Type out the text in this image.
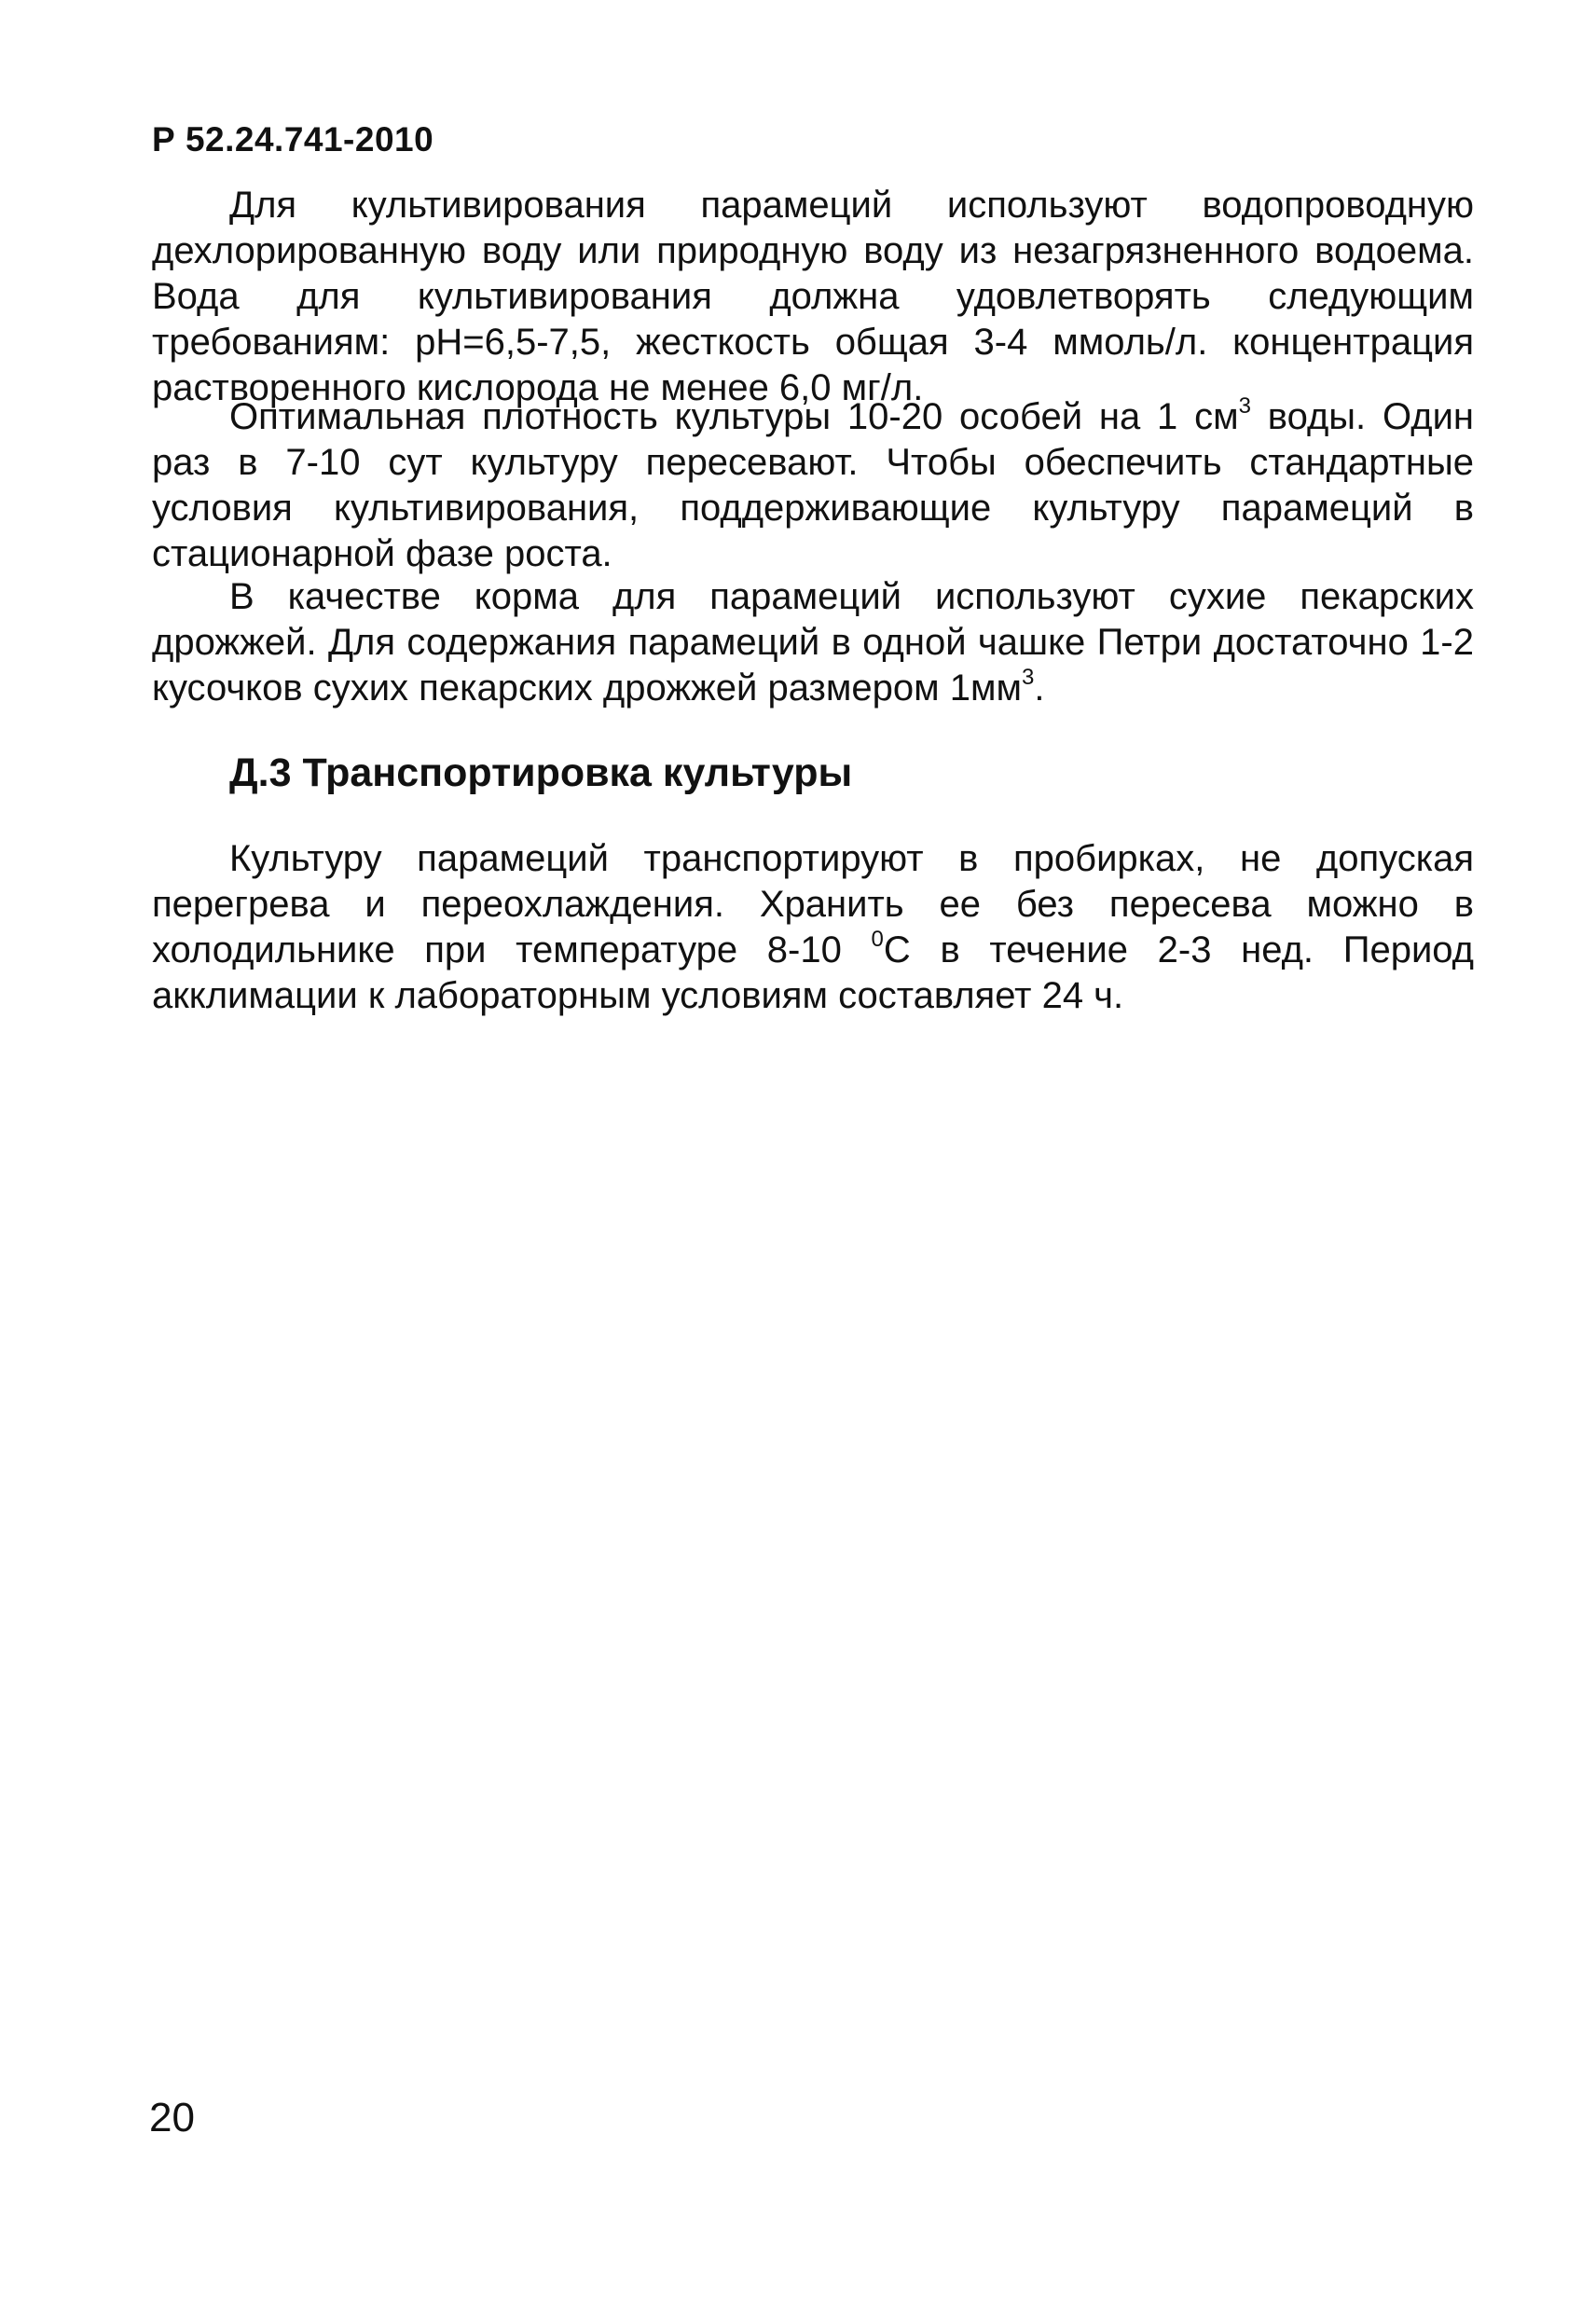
Р 52.24.741-2010

Для культивирования парамеций используют водопроводную дехлорированную воду или природную воду из незагрязненного водоема. Вода для культивирования должна удовлетворять следующим требованиям: pH=6,5-7,5, жесткость общая 3-4 ммоль/л. концентрация растворенного кислорода не менее 6,0 мг/л.

Оптимальная плотность культуры 10-20 особей на 1 $см^3$ воды. Один раз в 7-10 сут культуру пересевают. Чтобы обеспечить стандартные условия культивирования, поддерживающие культуру парамеций в стационарной фазе роста.

В качестве корма для парамеций используют сухие пекарских дрожжей. Для содержания парамеций в одной чашке Петри достаточно 1-2 кусочков сухих пекарских дрожжей размером $1мм^3$.

Д.3 Транспортировка культуры

Культуру парамеций транспортируют в пробирках, не допуская перегрева и переохлаждения. Хранить ее без пересева можно в холодильнике при температуре 8-10 $^0$С в течение 2-3 нед. Период акклимации к лабораторным условиям составляет 24 ч.

20
